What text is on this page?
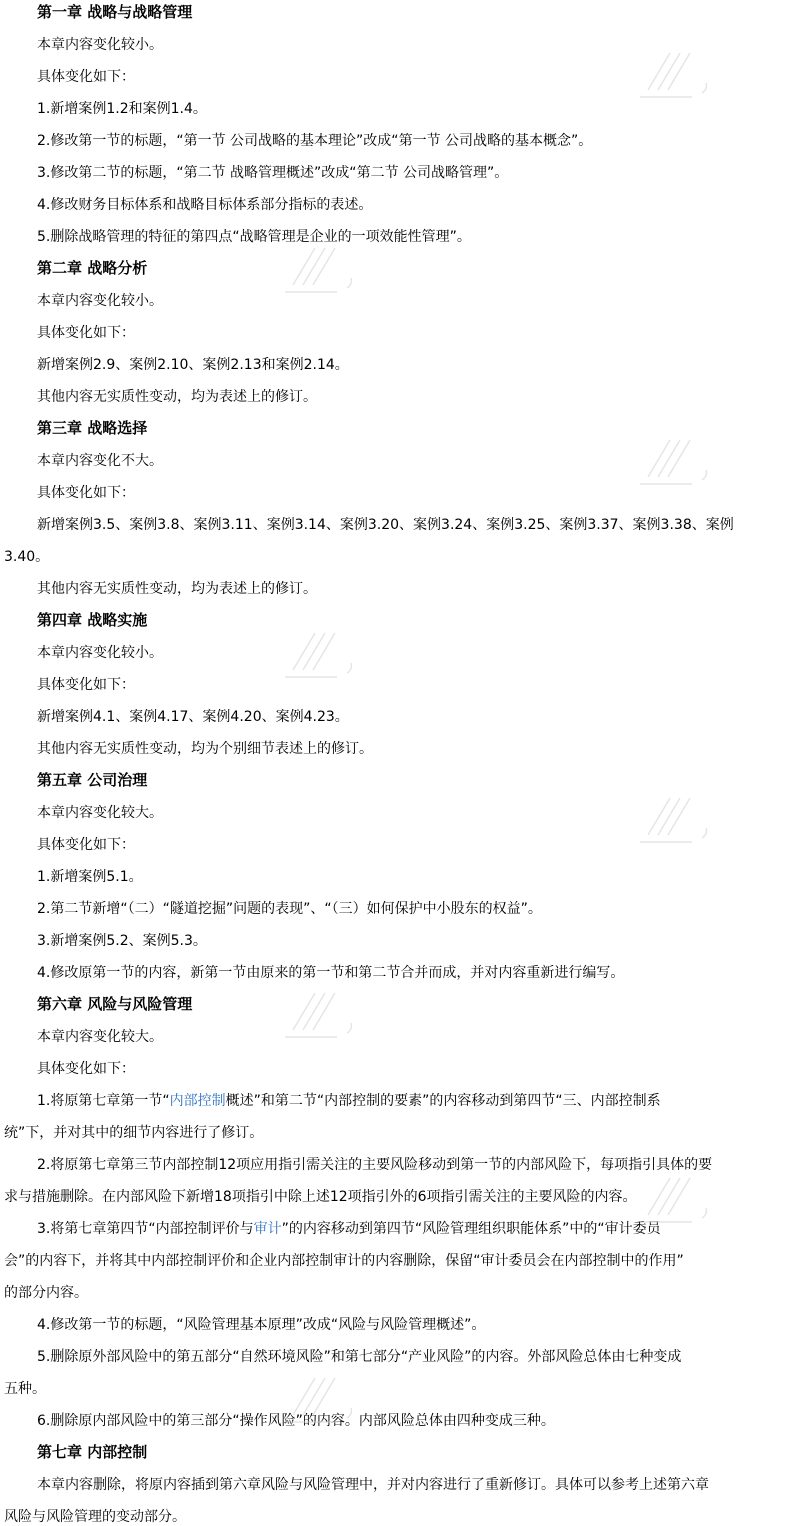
第一章 战略与战略管理
本章内容变化较小。
具体变化如下：
1.新增案例1.2和案例1.4。
2.修改第一节的标题，“第一节 公司战略的基本理论”改成“第一节 公司战略的基本概念”。
3.修改第二节的标题，“第二节 战略管理概述”改成“第二节 公司战略管理”。
4.修改财务目标体系和战略目标体系部分指标的表述。
5.删除战略管理的特征的第四点“战略管理是企业的一项效能性管理”。
第二章 战略分析
本章内容变化较小。
具体变化如下：
新增案例2.9、案例2.10、案例2.13和案例2.14。
其他内容无实质性变动，均为表述上的修订。
第三章 战略选择
本章内容变化不大。
具体变化如下：
新增案例3.5、案例3.8、案例3.11、案例3.14、案例3.20、案例3.24、案例3.25、案例3.37、案例3.38、案例
3.40。
其他内容无实质性变动，均为表述上的修订。
第四章 战略实施
本章内容变化较小。
具体变化如下：
新增案例4.1、案例4.17、案例4.20、案例4.23。
其他内容无实质性变动，均为个别细节表述上的修订。
第五章 公司治理
本章内容变化较大。
具体变化如下：
1.新增案例5.1。
2.第二节新增“（二）“隧道挖掘”问题的表现”、“（三）如何保护中小股东的权益”。
3.新增案例5.2、案例5.3。
4.修改原第一节的内容，新第一节由原来的第一节和第二节合并而成，并对内容重新进行编写。
第六章 风险与风险管理
本章内容变化较大。
具体变化如下：
1.将原第七章第一节“内部控制概述”和第二节“内部控制的要素”的内容移动到第四节“三、内部控制系
统”下，并对其中的细节内容进行了修订。
2.将原第七章第三节内部控制12项应用指引需关注的主要风险移动到第一节的内部风险下，每项指引具体的要
求与措施删除。在内部风险下新增18项指引中除上述12项指引外的6项指引需关注的主要风险的内容。
3.将第七章第四节“内部控制评价与审计”的内容移动到第四节“风险管理组织职能体系”中的“审计委员
会”的内容下，并将其中内部控制评价和企业内部控制审计的内容删除，保留“审计委员会在内部控制中的作用”
的部分内容。
4.修改第一节的标题，“风险管理基本原理”改成“风险与风险管理概述”。
5.删除原外部风险中的第五部分“自然环境风险”和第七部分“产业风险”的内容。外部风险总体由七种变成
五种。
6.删除原内部风险中的第三部分“操作风险”的内容。内部风险总体由四种变成三种。
第七章 内部控制
本章内容删除，将原内容插到第六章风险与风险管理中，并对内容进行了重新修订。具体可以参考上述第六章
风险与风险管理的变动部分。
